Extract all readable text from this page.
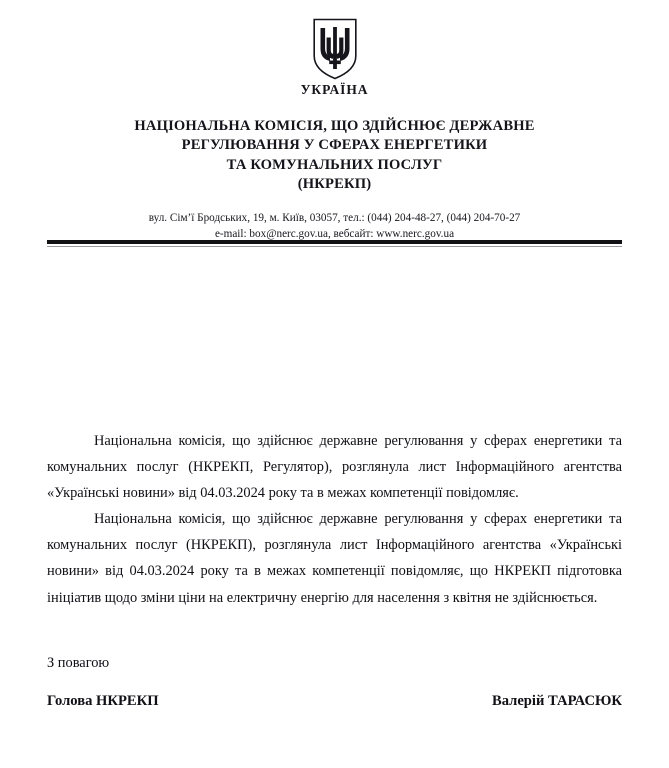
УКРАЇНА
НАЦІОНАЛЬНА КОМІСІЯ, ЩО ЗДІЙСНЮЄ ДЕРЖАВНЕ
РЕГУЛЮВАННЯ У СФЕРАХ ЕНЕРГЕТИКИ
ТА КОМУНАЛЬНИХ ПОСЛУГ
(НКРЕКП)
вул. Сім’ї Бродських, 19, м. Київ, 03057, тел.: (044) 204-48-27, (044) 204-70-27
e-mail: box@nerc.gov.ua, вебсайт: www.nerc.gov.ua

Національна комісія, що здійснює державне регулювання у сферах енергетики та комунальних послуг (НКРЕКП, Регулятор), розглянула лист Інформаційного агентства «Українські новини» від 04.03.2024 року та в межах компетенції повідомляє.

Національна комісія, що здійснює державне регулювання у сферах енергетики та комунальних послуг (НКРЕКП), розглянула лист Інформаційного агентства «Українські новини» від 04.03.2024 року та в межах компетенції повідомляє, що НКРЕКП підготовка ініціатив щодо зміни ціни на електричну енергію для населення з квітня не здійснюється.

З повагою
Голова НКРЕКП	Валерій ТАРАСЮК
